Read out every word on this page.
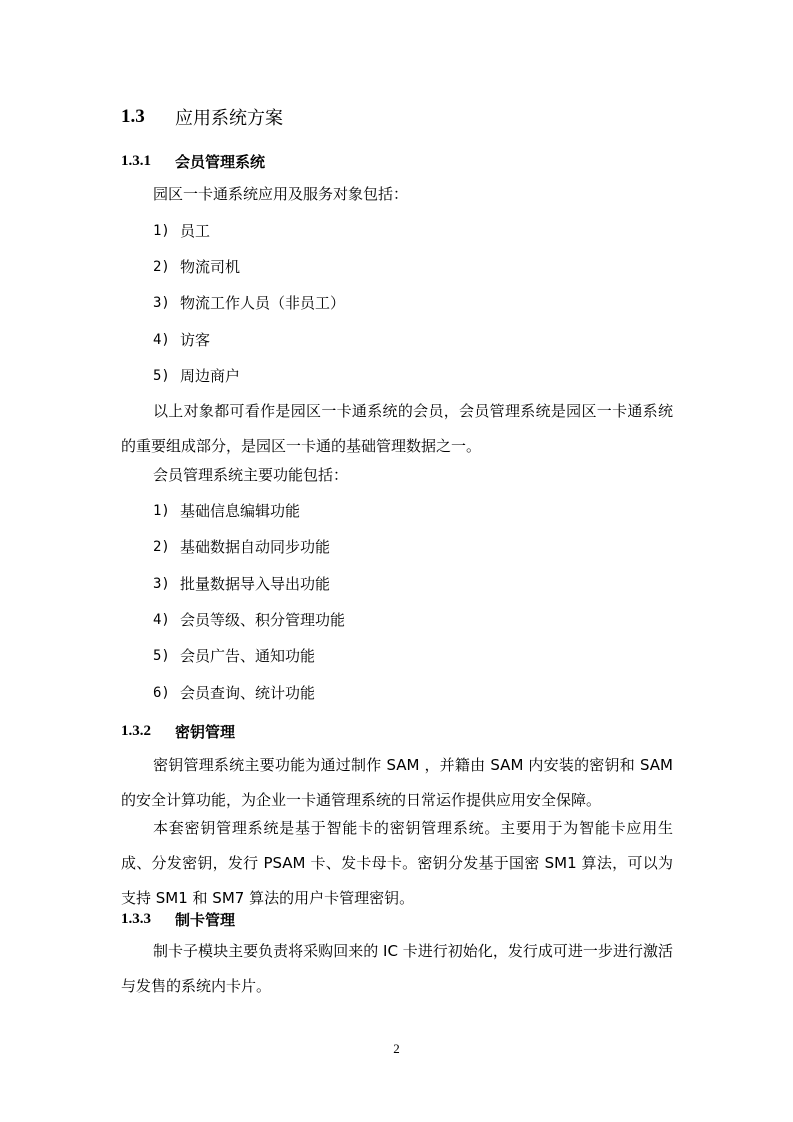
1.3	应用系统方案
1.3.1	会员管理系统
园区一卡通系统应用及服务对象包括：
1) 员工
2) 物流司机
3) 物流工作人员（非员工）
4) 访客
5) 周边商户
以上对象都可看作是园区一卡通系统的会员，会员管理系统是园区一卡通系统的重要组成部分，是园区一卡通的基础管理数据之一。
会员管理系统主要功能包括：
1) 基础信息编辑功能
2) 基础数据自动同步功能
3) 批量数据导入导出功能
4) 会员等级、积分管理功能
5) 会员广告、通知功能
6) 会员查询、统计功能
1.3.2	密钥管理
密钥管理系统主要功能为通过制作 SAM ，并籍由 SAM 内安装的密钥和 SAM 的安全计算功能，为企业一卡通管理系统的日常运作提供应用安全保障。
本套密钥管理系统是基于智能卡的密钥管理系统。主要用于为智能卡应用生成、分发密钥，发行 PSAM 卡、发卡母卡。密钥分发基于国密 SM1 算法，可以为支持 SM1 和 SM7 算法的用户卡管理密钥。
1.3.3	制卡管理
制卡子模块主要负责将采购回来的 IC 卡进行初始化，发行成可进一步进行激活与发售的系统内卡片。
2
